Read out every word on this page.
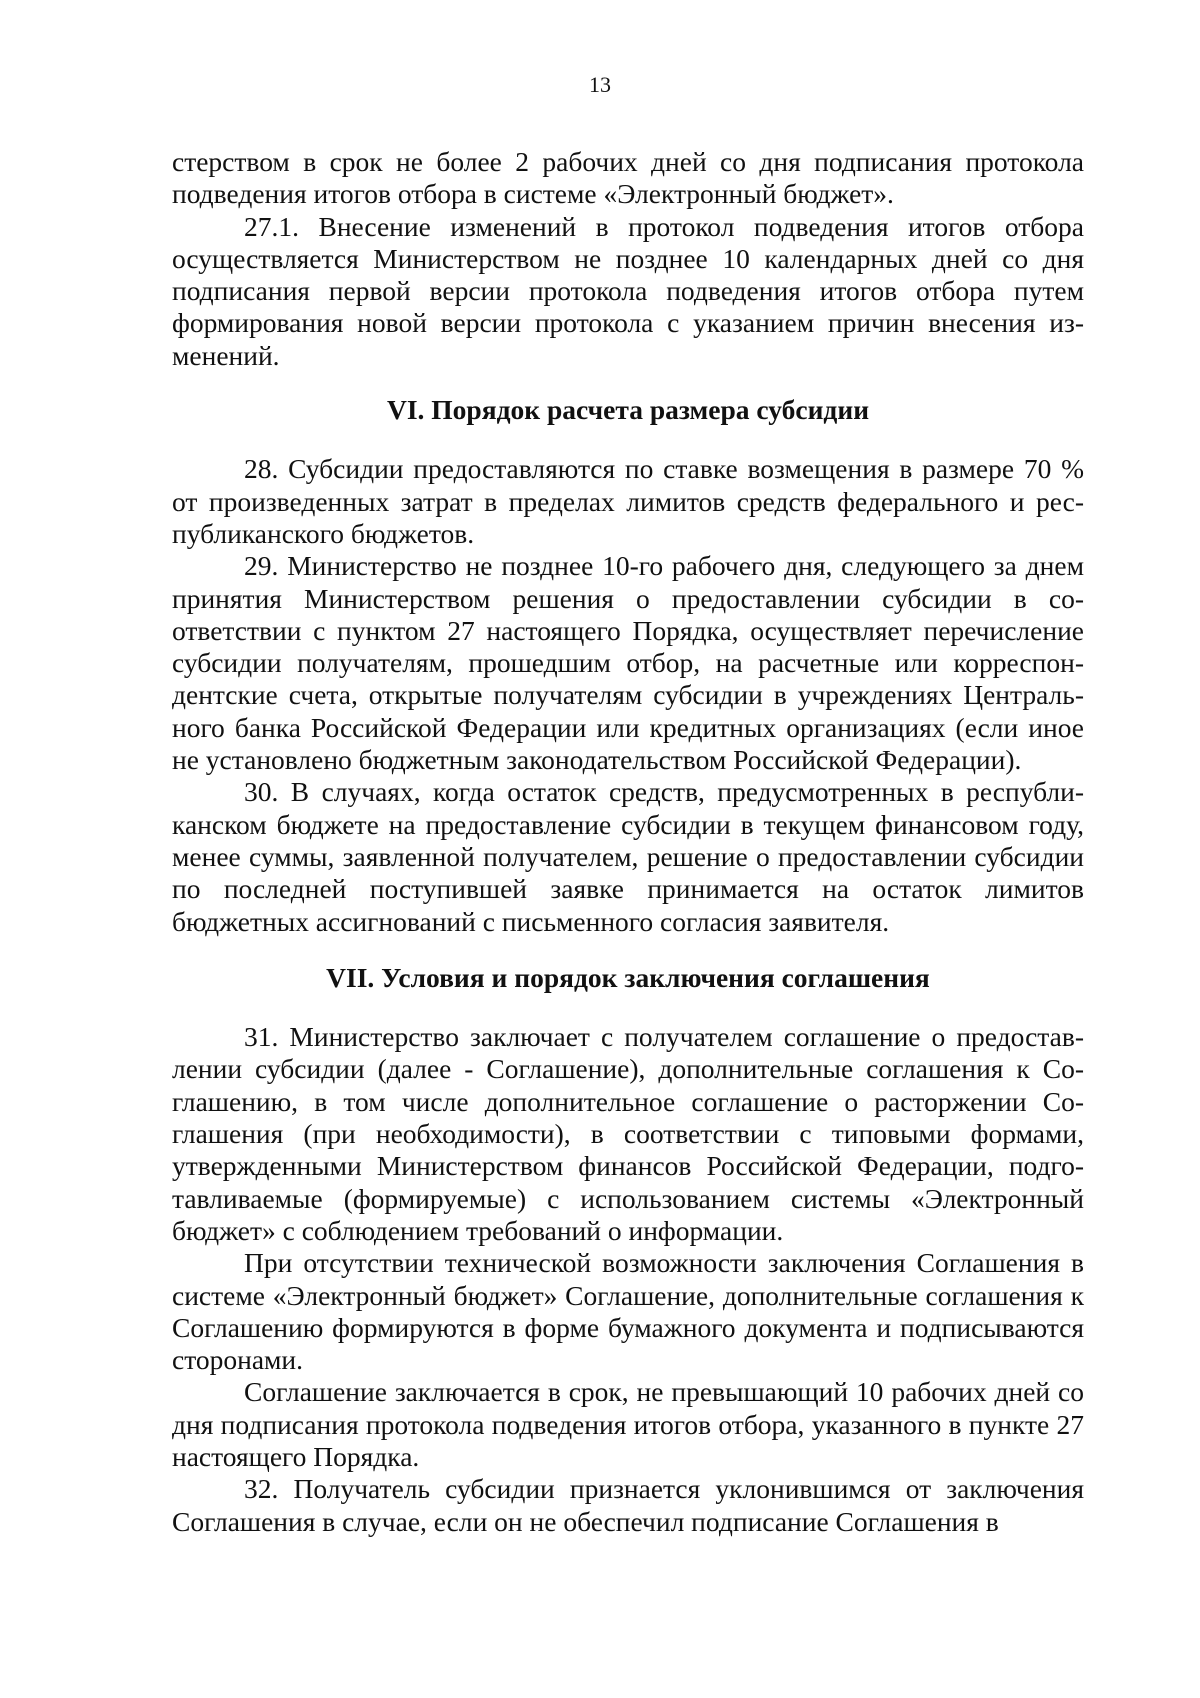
13

стерством в срок не более 2 рабочих дней со дня подписания протокола подведения итогов отбора в системе «Электронный бюджет».

27.1. Внесение изменений в протокол подведения итогов отбора осуществляется Министерством не позднее 10 календарных дней со дня подписания первой версии протокола подведения итогов отбора путем формирования новой версии протокола с указанием причин внесения изменений.

VI. Порядок расчета размера субсидии

28. Субсидии предоставляются по ставке возмещения в размере 70 % от произведенных затрат в пределах лимитов средств федерального и республиканского бюджетов.

29. Министерство не позднее 10-го рабочего дня, следующего за днем принятия Министерством решения о предоставлении субсидии в соответствии с пунктом 27 настоящего Порядка, осуществляет перечисление субсидии получателям, прошедшим отбор, на расчетные или корреспондентские счета, открытые получателям субсидии в учреждениях Центрального банка Российской Федерации или кредитных организациях (если иное не установлено бюджетным законодательством Российской Федерации).

30. В случаях, когда остаток средств, предусмотренных в республиканском бюджете на предоставление субсидии в текущем финансовом году, менее суммы, заявленной получателем, решение о предоставлении субсидии по последней поступившей заявке принимается на остаток лимитов бюджетных ассигнований с письменного согласия заявителя.

VII. Условия и порядок заключения соглашения

31. Министерство заключает с получателем соглашение о предоставлении субсидии (далее - Соглашение), дополнительные соглашения к Соглашению, в том числе дополнительное соглашение о расторжении Соглашения (при необходимости), в соответствии с типовыми формами, утвержденными Министерством финансов Российской Федерации, подготавливаемые (формируемые) с использованием системы «Электронный бюджет» с соблюдением требований о информации.

При отсутствии технической возможности заключения Соглашения в системе «Электронный бюджет» Соглашение, дополнительные соглашения к Соглашению формируются в форме бумажного документа и подписываются сторонами.

Соглашение заключается в срок, не превышающий 10 рабочих дней со дня подписания протокола подведения итогов отбора, указанного в пункте 27 настоящего Порядка.

32. Получатель субсидии признается уклонившимся от заключения Соглашения в случае, если он не обеспечил подписание Соглашения в
